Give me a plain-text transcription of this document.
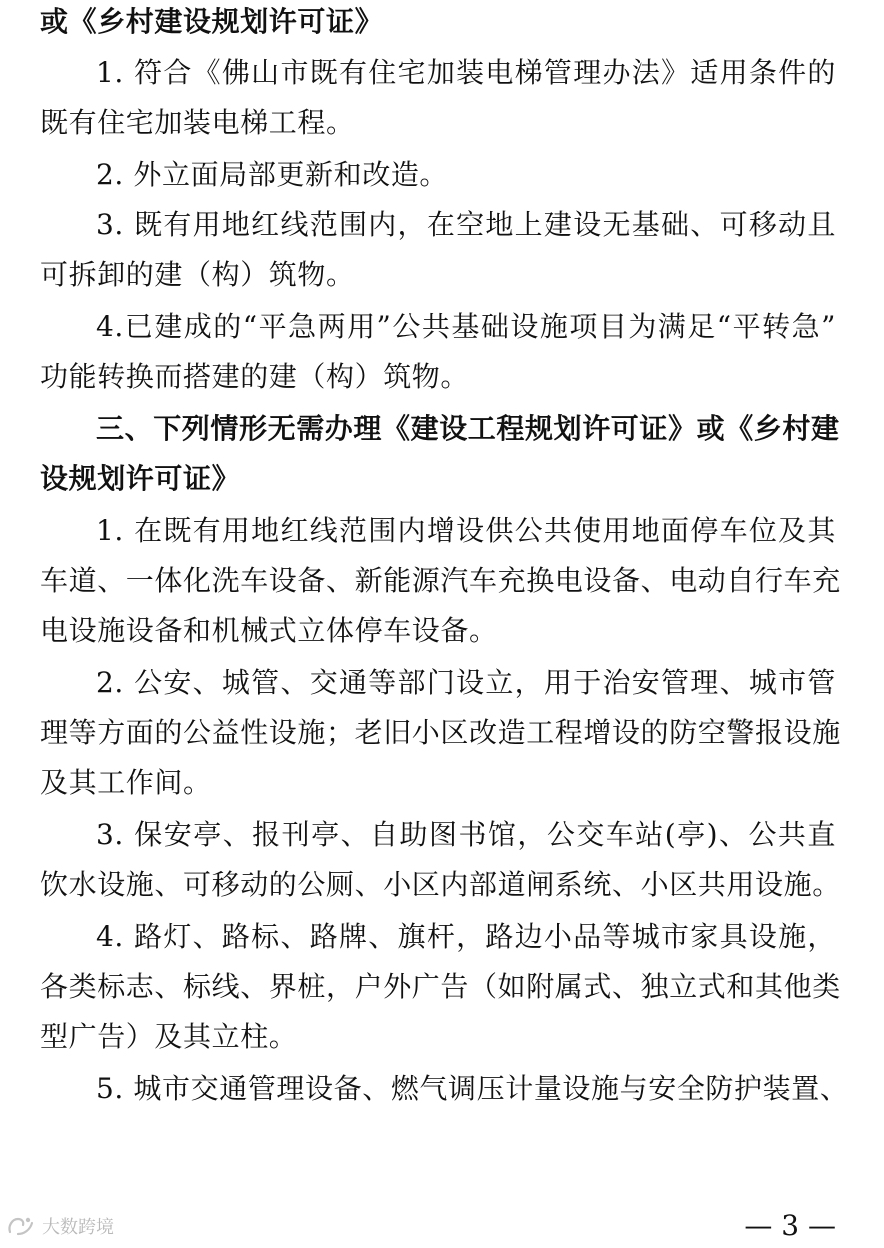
或《乡村建设规划许可证》
1. 符合《佛山市既有住宅加装电梯管理办法》适用条件的
既有住宅加装电梯工程。
2. 外立面局部更新和改造。
3. 既有用地红线范围内，在空地上建设无基础、可移动且
可拆卸的建（构）筑物。
4.已建成的“平急两用”公共基础设施项目为满足“平转急”
功能转换而搭建的建（构）筑物。
三、下列情形无需办理《建设工程规划许可证》或《乡村建
设规划许可证》
1. 在既有用地红线范围内增设供公共使用地面停车位及其
车道、一体化洗车设备、新能源汽车充换电设备、电动自行车充
电设施设备和机械式立体停车设备。
2. 公安、城管、交通等部门设立，用于治安管理、城市管
理等方面的公益性设施；老旧小区改造工程增设的防空警报设施
及其工作间。
3. 保安亭、报刊亭、自助图书馆，公交车站(亭)、公共直
饮水设施、可移动的公厕、小区内部道闸系统、小区共用设施。
4. 路灯、路标、路牌、旗杆，路边小品等城市家具设施，
各类标志、标线、界桩，户外广告（如附属式、独立式和其他类
型广告）及其立柱。
5. 城市交通管理设备、燃气调压计量设施与安全防护装置、
大数跨境	— 3 —
